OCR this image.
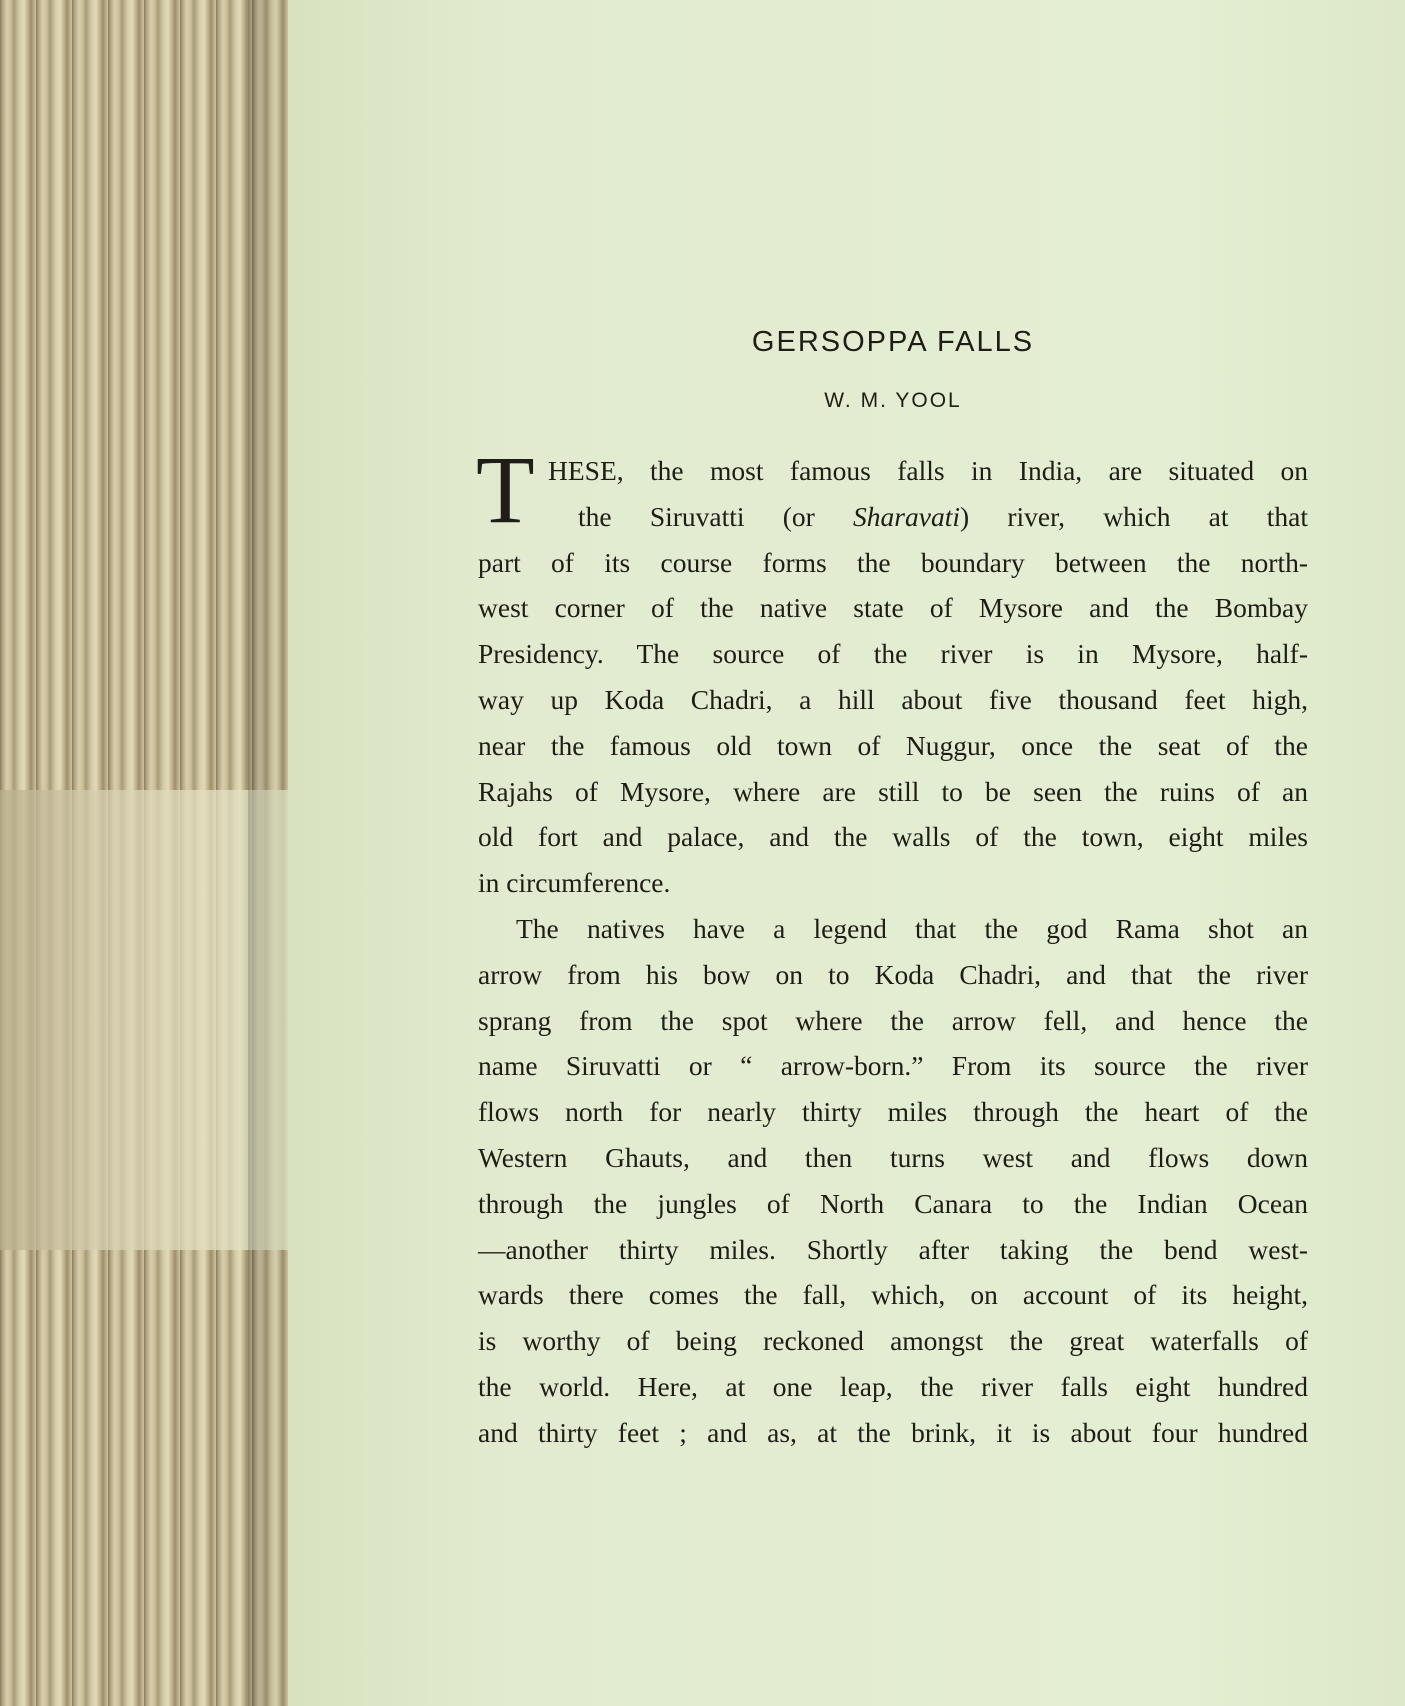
GERSOPPA FALLS
W. M. YOOL
T HESE, the most famous falls in India, are situated on
the Siruvatti (or Sharavati) river, which at that
part of its course forms the boundary between the north-
west corner of the native state of Mysore and the Bombay
Presidency. The source of the river is in Mysore, half-
way up Koda Chadri, a hill about five thousand feet high,
near the famous old town of Nuggur, once the seat of the
Rajahs of Mysore, where are still to be seen the ruins of an
old fort and palace, and the walls of the town, eight miles
in circumference.
The natives have a legend that the god Rama shot an
arrow from his bow on to Koda Chadri, and that the river
sprang from the spot where the arrow fell, and hence the
name Siruvatti or “ arrow-born.” From its source the river
flows north for nearly thirty miles through the heart of the
Western Ghauts, and then turns west and flows down
through the jungles of North Canara to the Indian Ocean
—another thirty miles. Shortly after taking the bend west-
wards there comes the fall, which, on account of its height,
is worthy of being reckoned amongst the great waterfalls of
the world. Here, at one leap, the river falls eight hundred
and thirty feet ; and as, at the brink, it is about four hundred
